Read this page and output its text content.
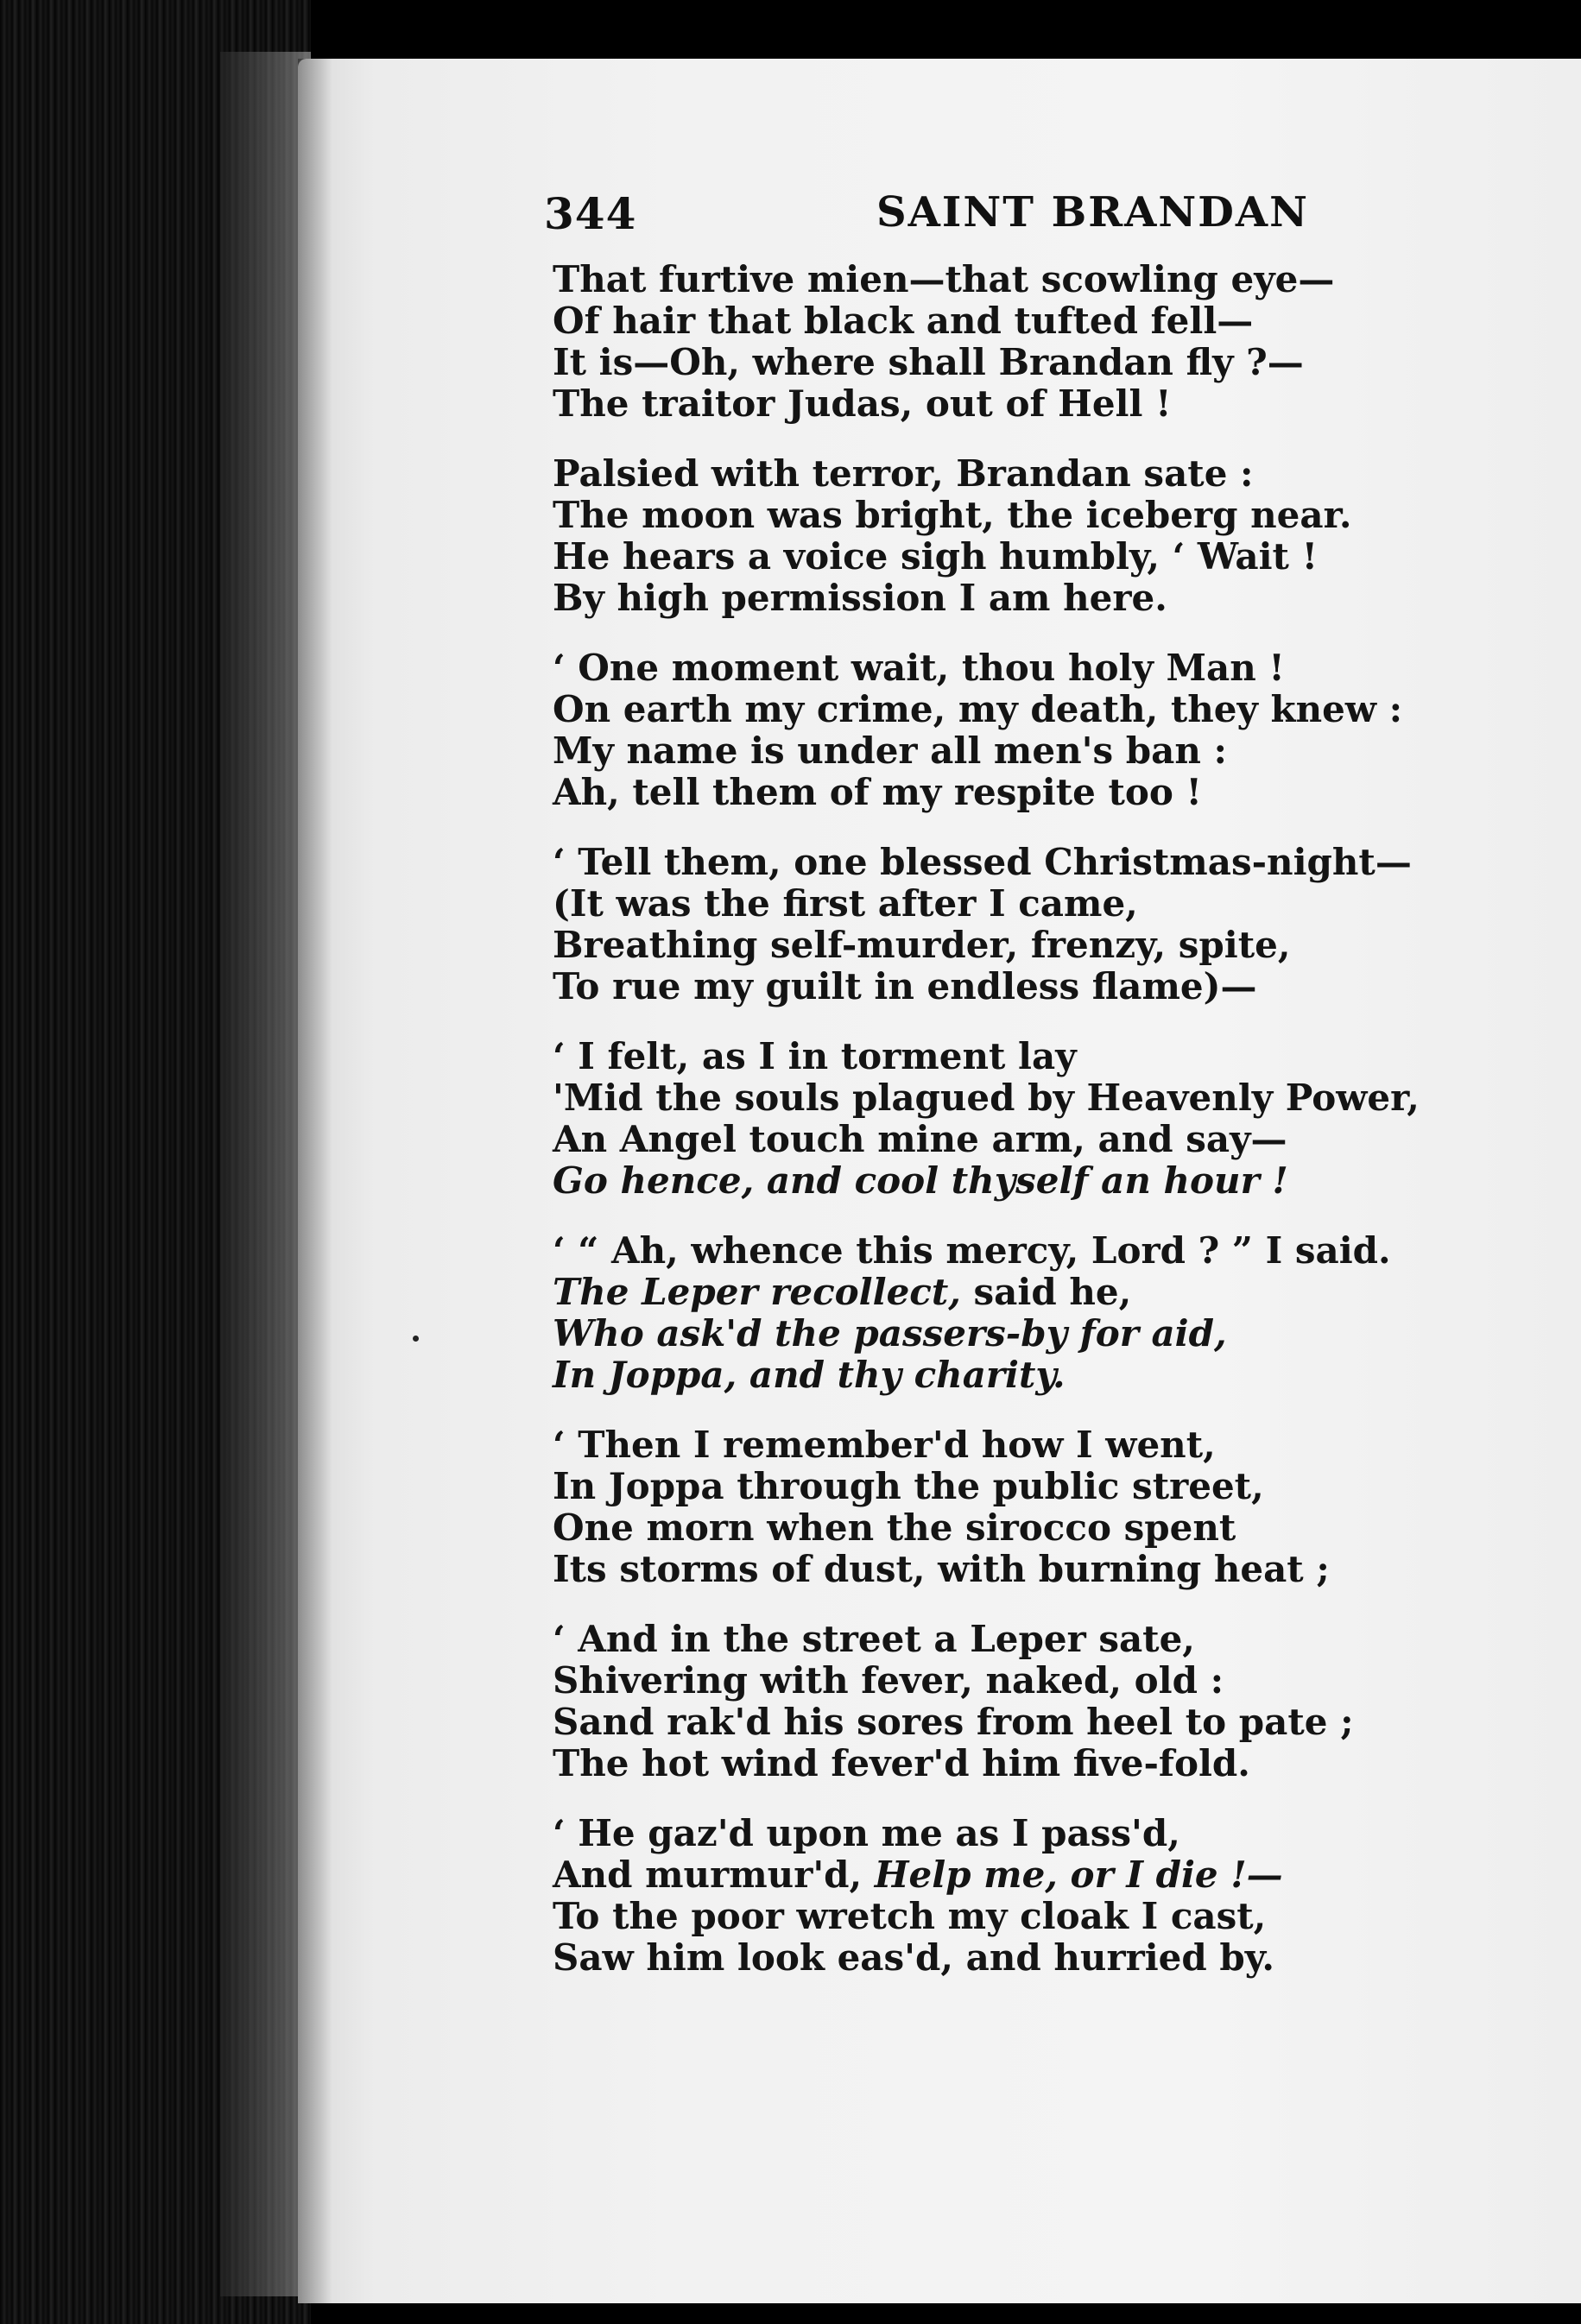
344	SAINT BRANDAN
That furtive mien—that scowling eye—
Of hair that black and tufted fell—
It is—Oh, where shall Brandan fly ?—
The traitor Judas, out of Hell !
Palsied with terror, Brandan sate :
The moon was bright, the iceberg near.
He hears a voice sigh humbly, ‘ Wait !
By high permission I am here.
‘ One moment wait, thou holy Man !
On earth my crime, my death, they knew :
My name is under all men's ban :
Ah, tell them of my respite too !
‘ Tell them, one blessed Christmas-night—
(It was the first after I came,
Breathing self-murder, frenzy, spite,
To rue my guilt in endless flame)—
‘ I felt, as I in torment lay
'Mid the souls plagued by Heavenly Power,
An Angel touch mine arm, and say—
Go hence, and cool thyself an hour !
‘ “ Ah, whence this mercy, Lord ? ” I said.
The Leper recollect, said he,
Who ask'd the passers-by for aid,
In Joppa, and thy charity.
‘ Then I remember'd how I went,
In Joppa through the public street,
One morn when the sirocco spent
Its storms of dust, with burning heat ;
‘ And in the street a Leper sate,
Shivering with fever, naked, old :
Sand rak'd his sores from heel to pate ;
The hot wind fever'd him five-fold.
‘ He gaz'd upon me as I pass'd,
And murmur'd, Help me, or I die !—
To the poor wretch my cloak I cast,
Saw him look eas'd, and hurried by.
